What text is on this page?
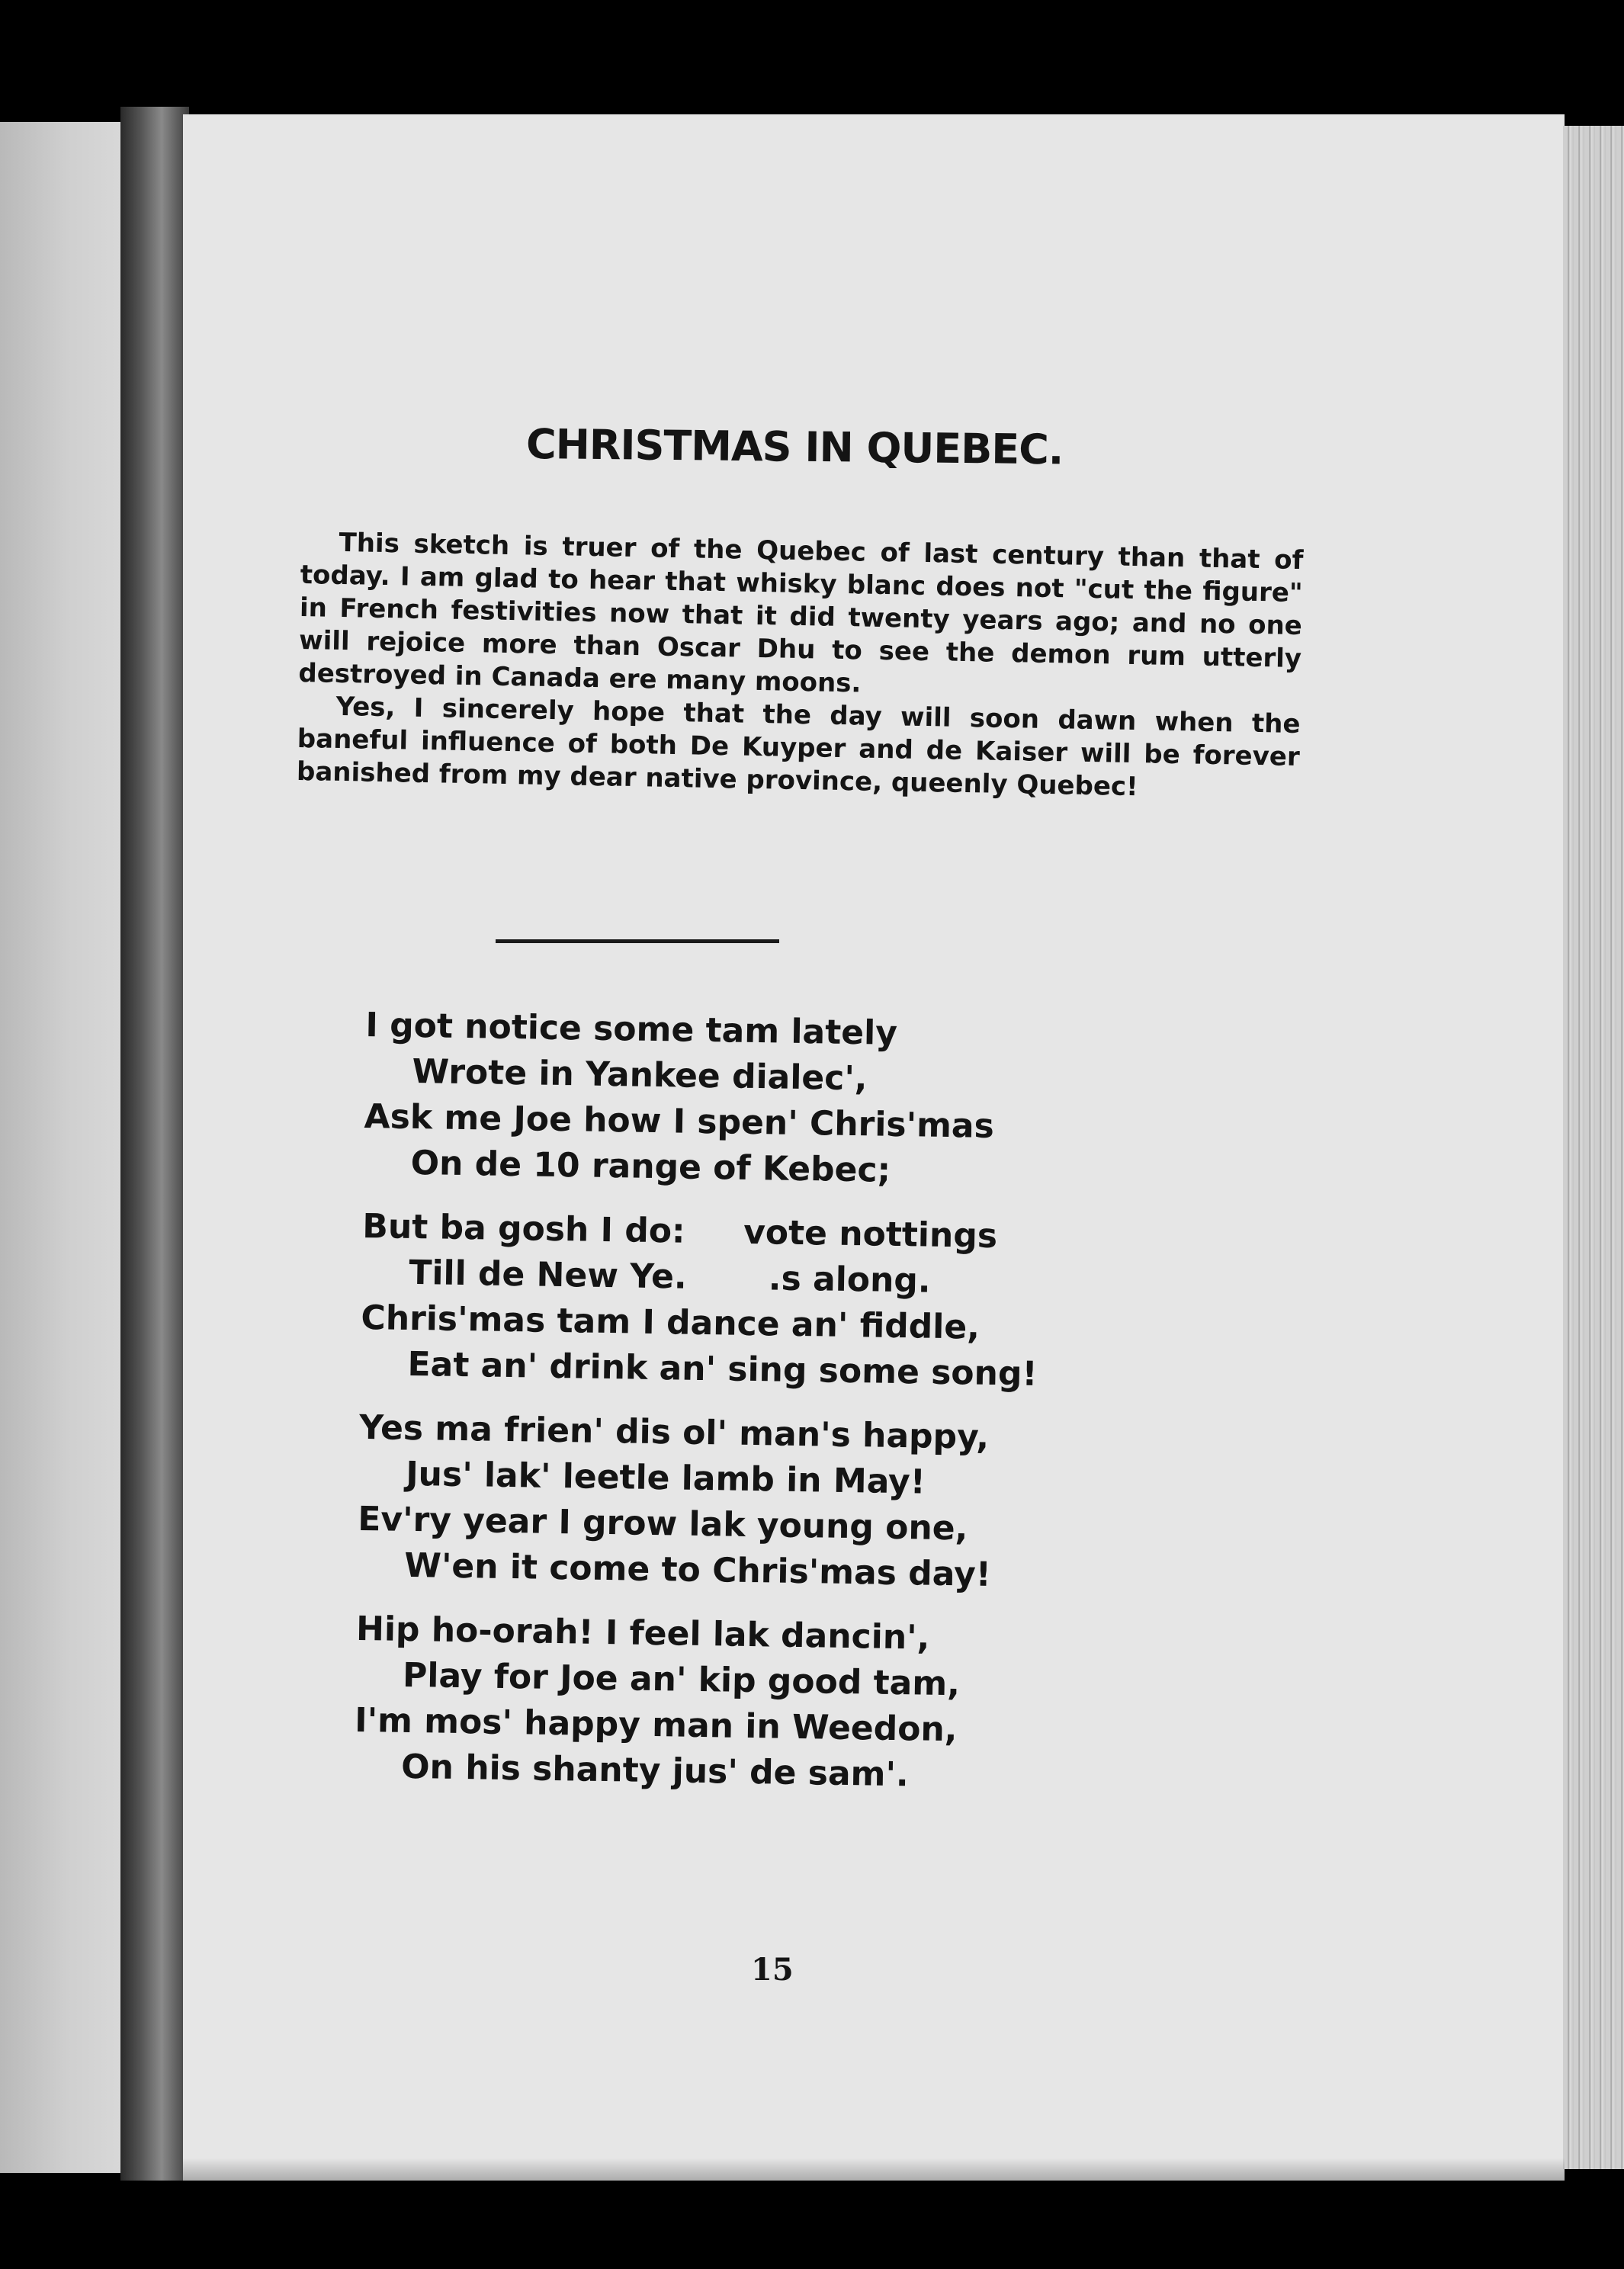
CHRISTMAS IN QUEBEC.

This sketch is truer of the Quebec of last century than that of today. I am glad to hear that whisky blanc does not "cut the figure" in French festivities now that it did twenty years ago; and no one will rejoice more than Oscar Dhu to see the demon rum utterly destroyed in Canada ere many moons.

Yes, I sincerely hope that the day will soon dawn when the baneful influence of both De Kuyper and de Kaiser will be forever banished from my dear native province, queenly Quebec!

I got notice some tam lately
Wrote in Yankee dialec',
Ask me Joe how I spen' Chris'mas
On de 10 range of Kebec;
But ba gosh I do:     vote nottings
Till de New Ye.       .s along.
Chris'mas tam I dance an' fiddle,
Eat an' drink an' sing some song!
Yes ma frien' dis ol' man's happy,
Jus' lak' leetle lamb in May!
Ev'ry year I grow lak young one,
W'en it come to Chris'mas day!
Hip ho-orah! I feel lak dancin',
Play for Joe an' kip good tam,
I'm mos' happy man in Weedon,
On his shanty jus' de sam'.
15
